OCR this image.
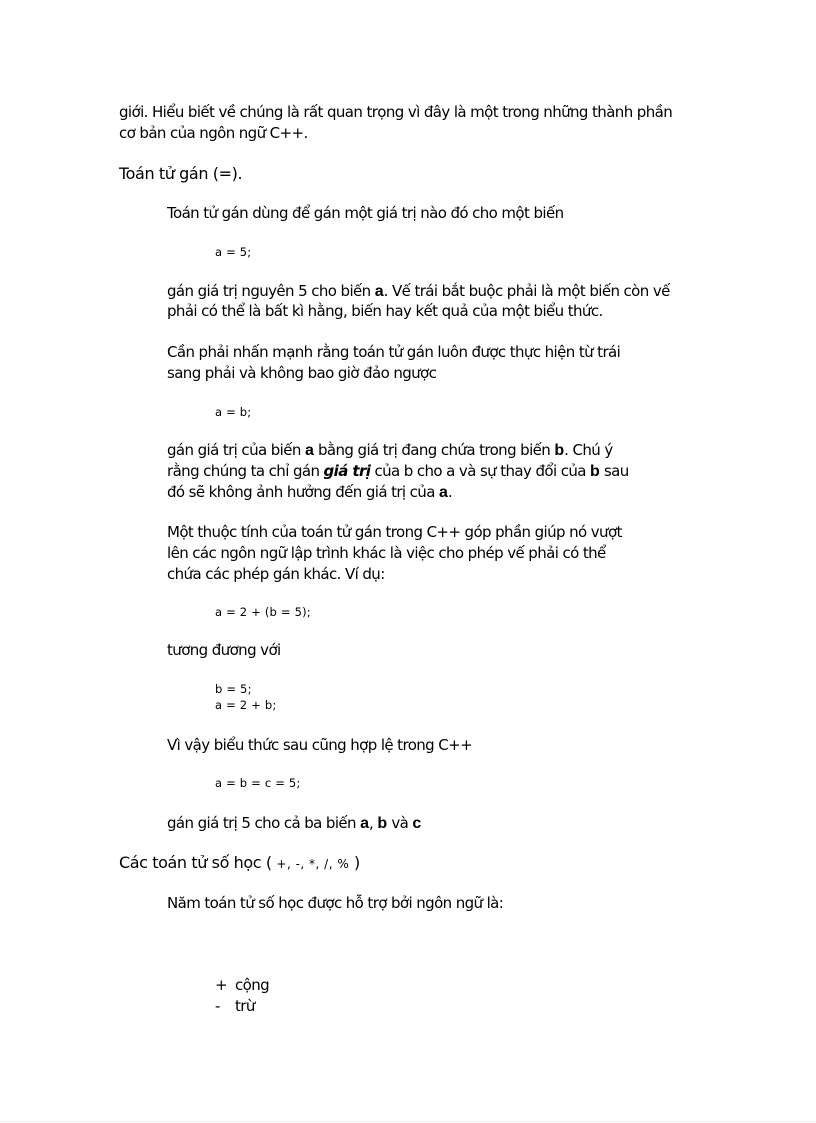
giới. Hiểu biết về chúng là rất quan trọng vì đây là một trong những thành phần
cơ bản của ngôn ngữ C++.
Toán tử gán (=).
Toán tử gán dùng để gán một giá trị nào đó cho một biến
a = 5;
gán giá trị nguyên 5 cho biến a. Vế trái bắt buộc phải là một biến còn vế
phải có thể là bất kì hằng, biến hay kết quả của một biểu thức.
Cần phải nhấn mạnh rằng toán tử gán luôn được thực hiện từ trái
sang phải và không bao giờ đảo ngược
a = b;
gán giá trị của biến a bằng giá trị đang chứa trong biến b. Chú ý
rằng chúng ta chỉ gán giá trị của b cho a và sự thay đổi của b sau
đó sẽ không ảnh hưởng đến giá trị của a.
Một thuộc tính của toán tử gán trong C++ góp phần giúp nó vượt
lên các ngôn ngữ lập trình khác là việc cho phép vế phải có thể
chứa các phép gán khác. Ví dụ:
a = 2 + (b = 5);
tương đương với
b = 5;
a = 2 + b;
Vì vậy biểu thức sau cũng hợp lệ trong C++
a = b = c = 5;
gán giá trị 5 cho cả ba biến a, b và c
Các toán tử số học ( +, -, *, /, % )
Năm toán tử số học được hỗ trợ bởi ngôn ngữ là:
+ cộng
- trừ
